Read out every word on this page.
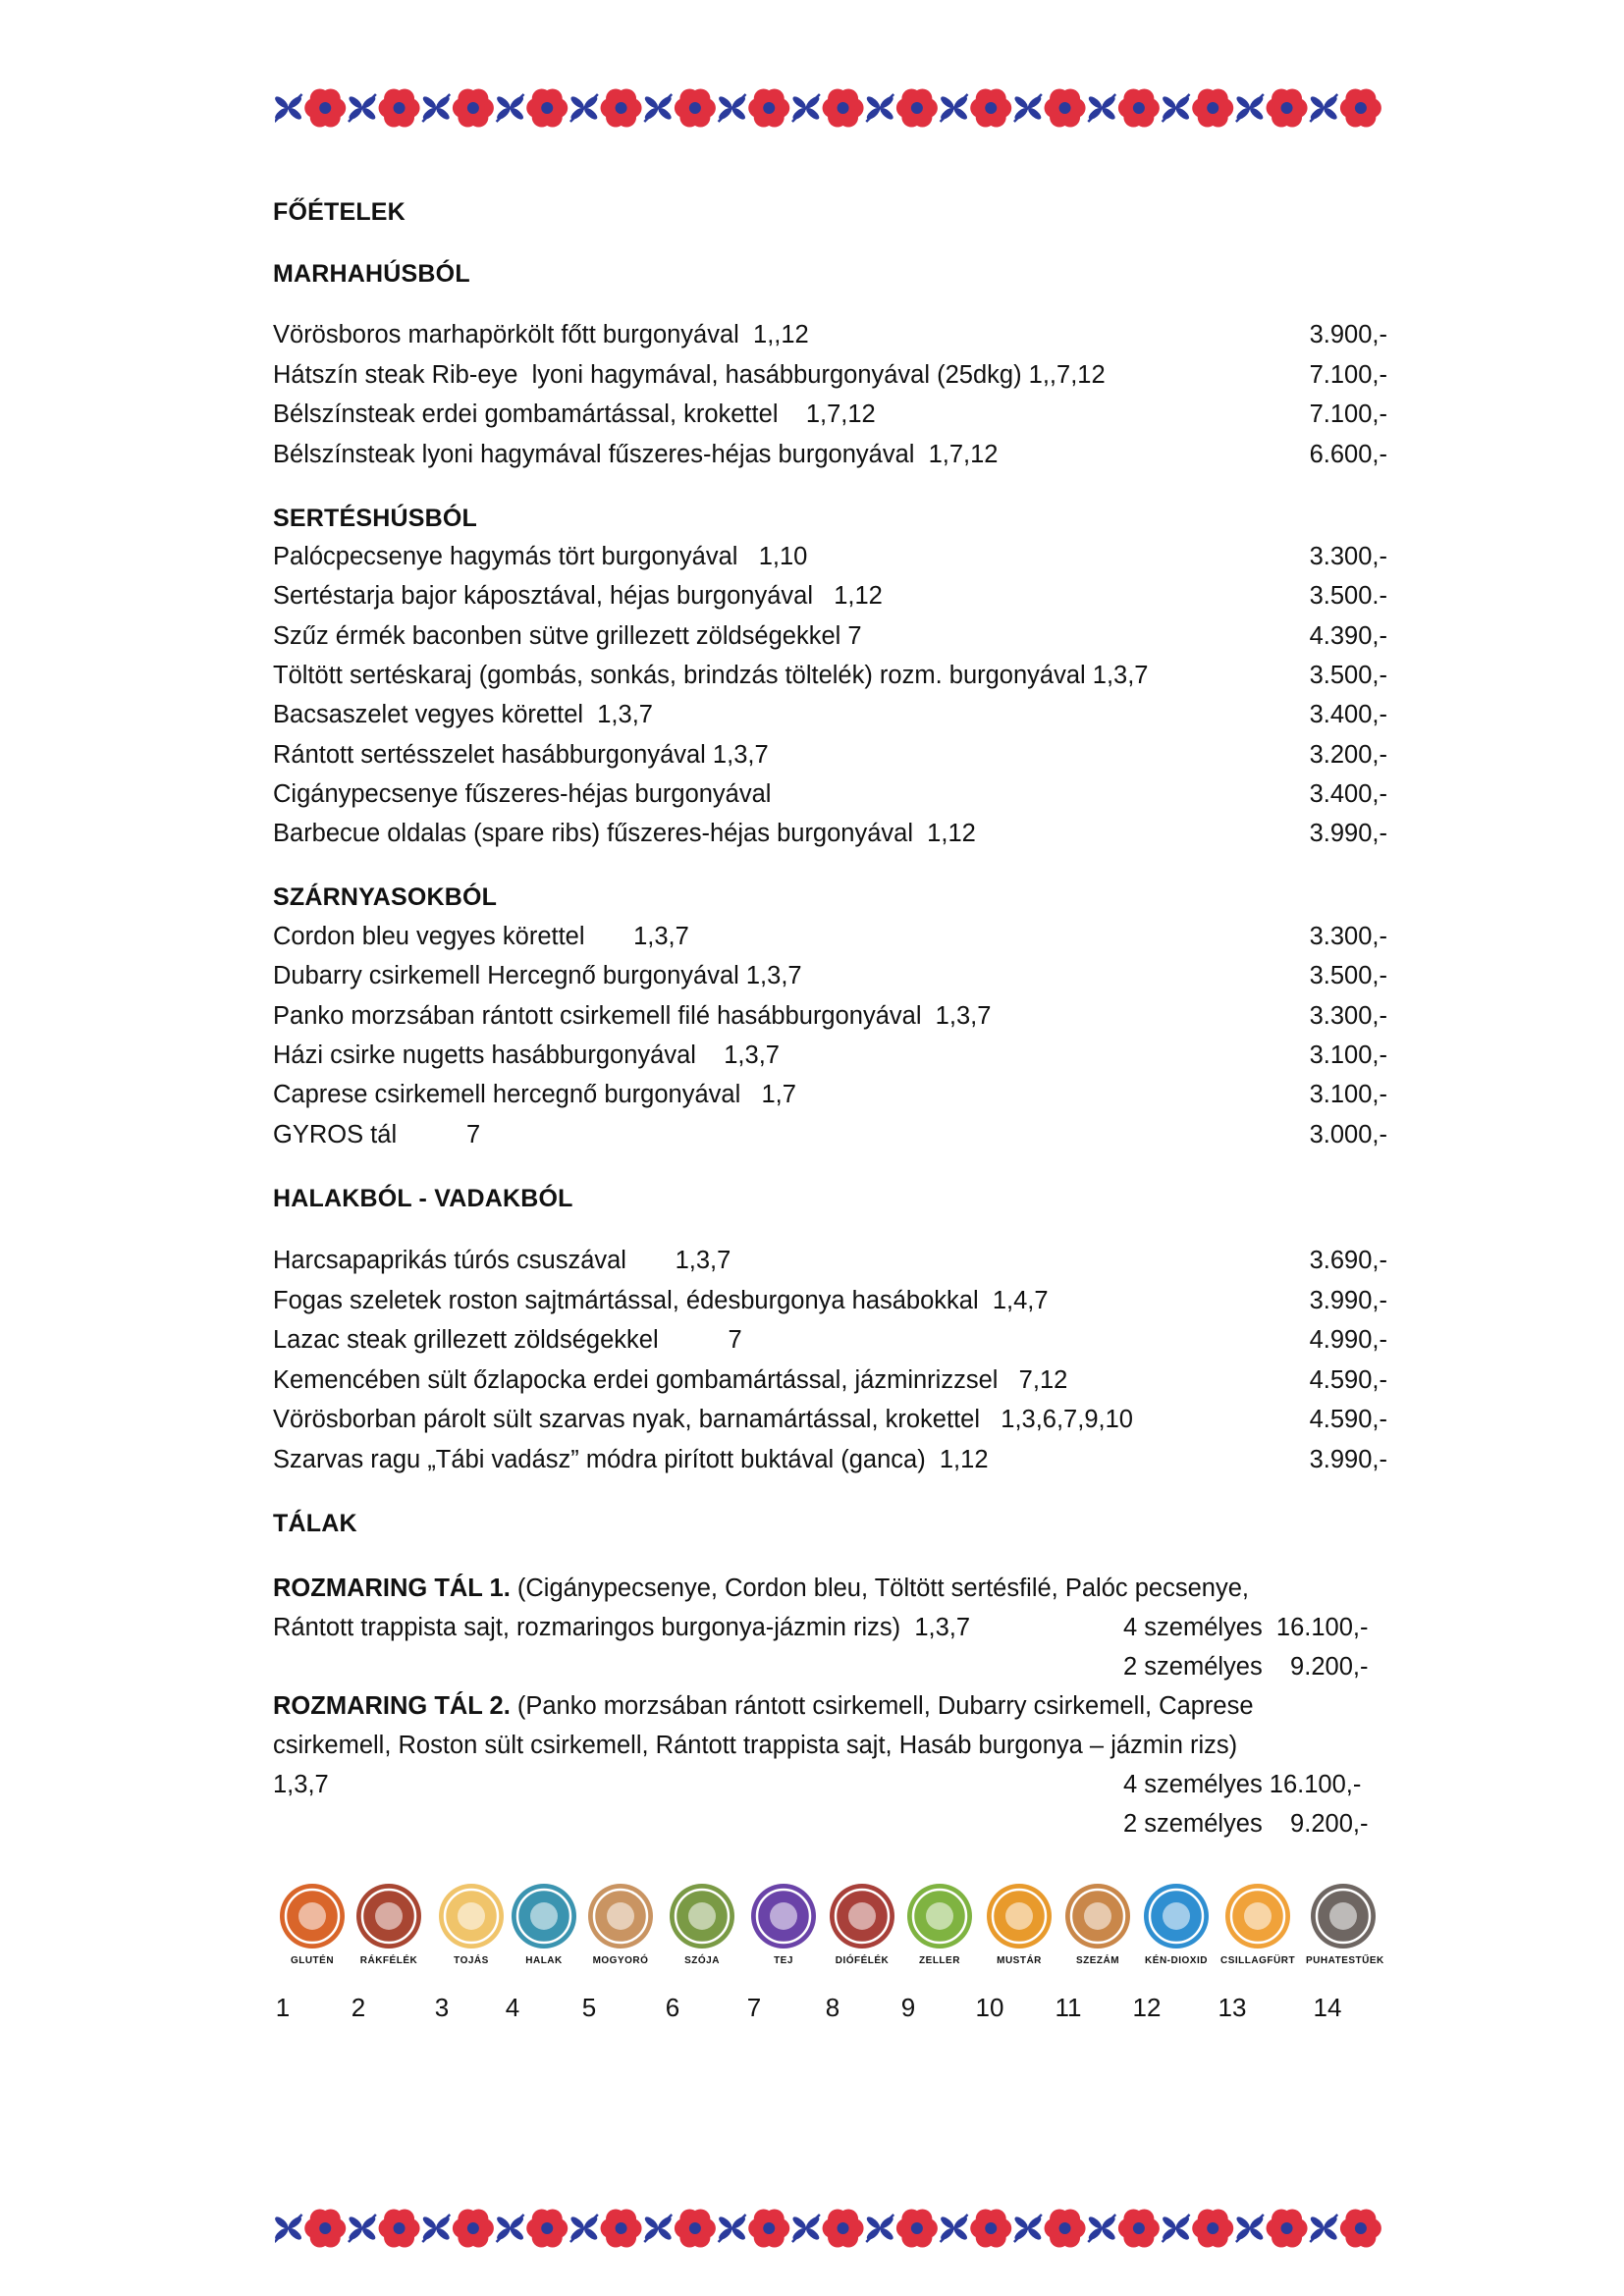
FŐÉTELEK
MARHAHÚSBÓL
Vörösboros marhapörkölt főtt burgonyával  1,,12	3.900,-
Hátszín steak Rib-eye  lyoni hagymával, hasábburgonyával (25dkg) 1,,7,12	7.100,-
Bélszínsteak erdei gombamártással, krokettel    1,7,12	7.100,-
Bélszínsteak lyoni hagymával fűszeres-héjas burgonyával  1,7,12	6.600,-
SERTÉSHÚSBÓL
Palócpecsenye hagymás tört burgonyával   1,10	3.300,-
Sertéstarja bajor káposztával, héjas burgonyával   1,12	3.500.-
Szűz érmék baconben sütve grillezett zöldségekkel 7	4.390,-
Töltött sertéskaraj (gombás, sonkás, brindzás töltelék) rozm. burgonyával 1,3,7	3.500,-
Bacsaszelet vegyes körettel  1,3,7	3.400,-
Rántott sertésszelet hasábburgonyával 1,3,7	3.200,-
Cigánypecsenye fűszeres-héjas burgonyával	3.400,-
Barbecue oldalas (spare ribs) fűszeres-héjas burgonyával  1,12	3.990,-
SZÁRNYASOKBÓL
Cordon bleu vegyes körettel       1,3,7	3.300,-
Dubarry csirkemell Hercegnő burgonyával 1,3,7	3.500,-
Panko morzsában rántott csirkemell filé hasábburgonyával  1,3,7	3.300,-
Házi csirke nugetts hasábburgonyával    1,3,7	3.100,-
Caprese csirkemell hercegnő burgonyával   1,7	3.100,-
GYROS tál          7	3.000,-
HALAKBÓL - VADAKBÓL
Harcsapaprikás túrós csuszával       1,3,7	3.690,-
Fogas szeletek roston sajtmártással, édesburgonya hasábokkal  1,4,7	3.990,-
Lazac steak grillezett zöldségekkel          7	4.990,-
Kemencében sült őzlapocka erdei gombamártással, jázminrizzsel   7,12	4.590,-
Vörösborban párolt sült szarvas nyak, barnamártással, krokettel   1,3,6,7,9,10	4.590,-
Szarvas ragu „Tábi vadász” módra pirított buktával (ganca)  1,12	3.990,-
TÁLAK
ROZMARING TÁL 1. (Cigánypecsenye, Cordon bleu, Töltött sertésfilé, Palóc pecsenye,
Rántott trappista sajt, rozmaringos burgonya-jázmin rizs)  1,3,7	4 személyes  16.100,-
2 személyes    9.200,-
ROZMARING TÁL 2. (Panko morzsában rántott csirkemell, Dubarry csirkemell, Caprese
csirkemell, Roston sült csirkemell, Rántott trappista sajt, Hasáb burgonya – jázmin rizs)
1,3,7	4 személyes 16.100,-
2 személyes    9.200,-
GLUTÉN	RÁKFÉLÉK	TOJÁS	HALAK	MOGYORÓ	SZÓJA	TEJ	DIÓFÉLÉK	ZELLER	MUSTÁR	SZEZÁM	KÉN-DIOXID	CSILLAGFÜRT PUHATESTŰEK
1	2	3	4	5	6	7	8	9	10 11 12 13	14
